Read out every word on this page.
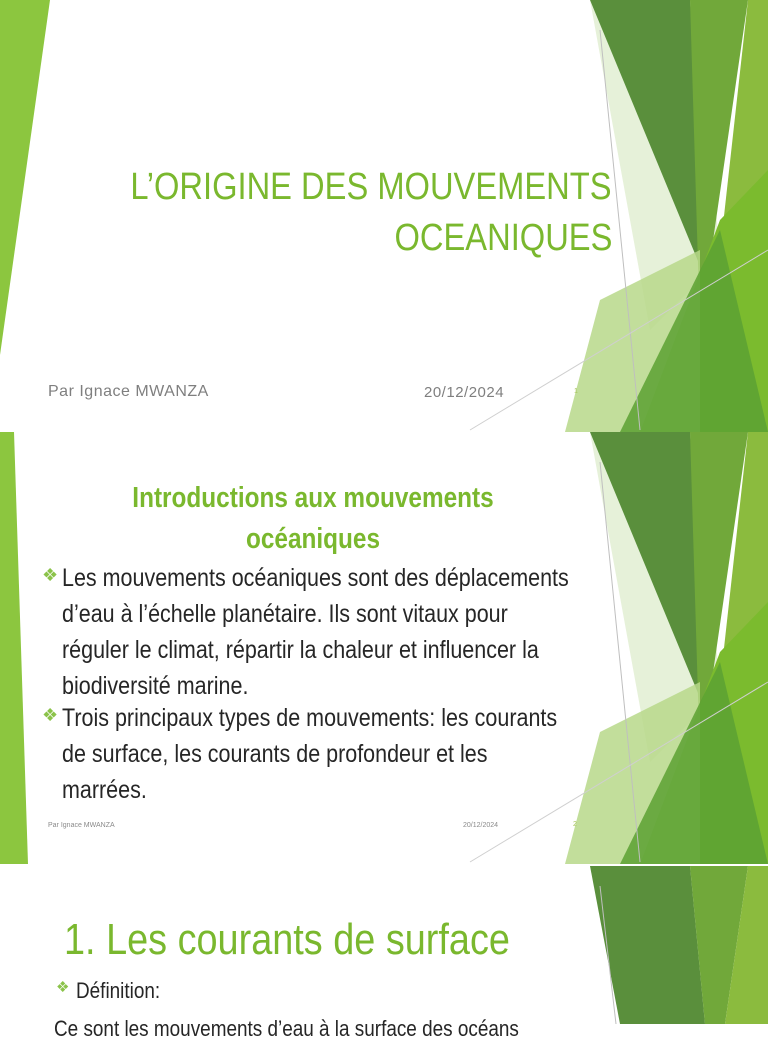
L’ORIGINE DES MOUVEMENTS
OCEANIQUES
Par Ignace MWANZA	20/12/2024	1
Introductions aux mouvements
océaniques
❖ Les mouvements océaniques sont des déplacements
d’eau à l’échelle planétaire. Ils sont vitaux pour
réguler le climat, répartir la chaleur et influencer la
biodiversité marine.
❖ Trois principaux types de mouvements: les courants
de surface, les courants de profondeur et les
marrées.
Par Ignace MWANZA	20/12/2024	2
1. Les courants de surface
❖ Définition:
Ce sont les mouvements d’eau à la surface des océans
